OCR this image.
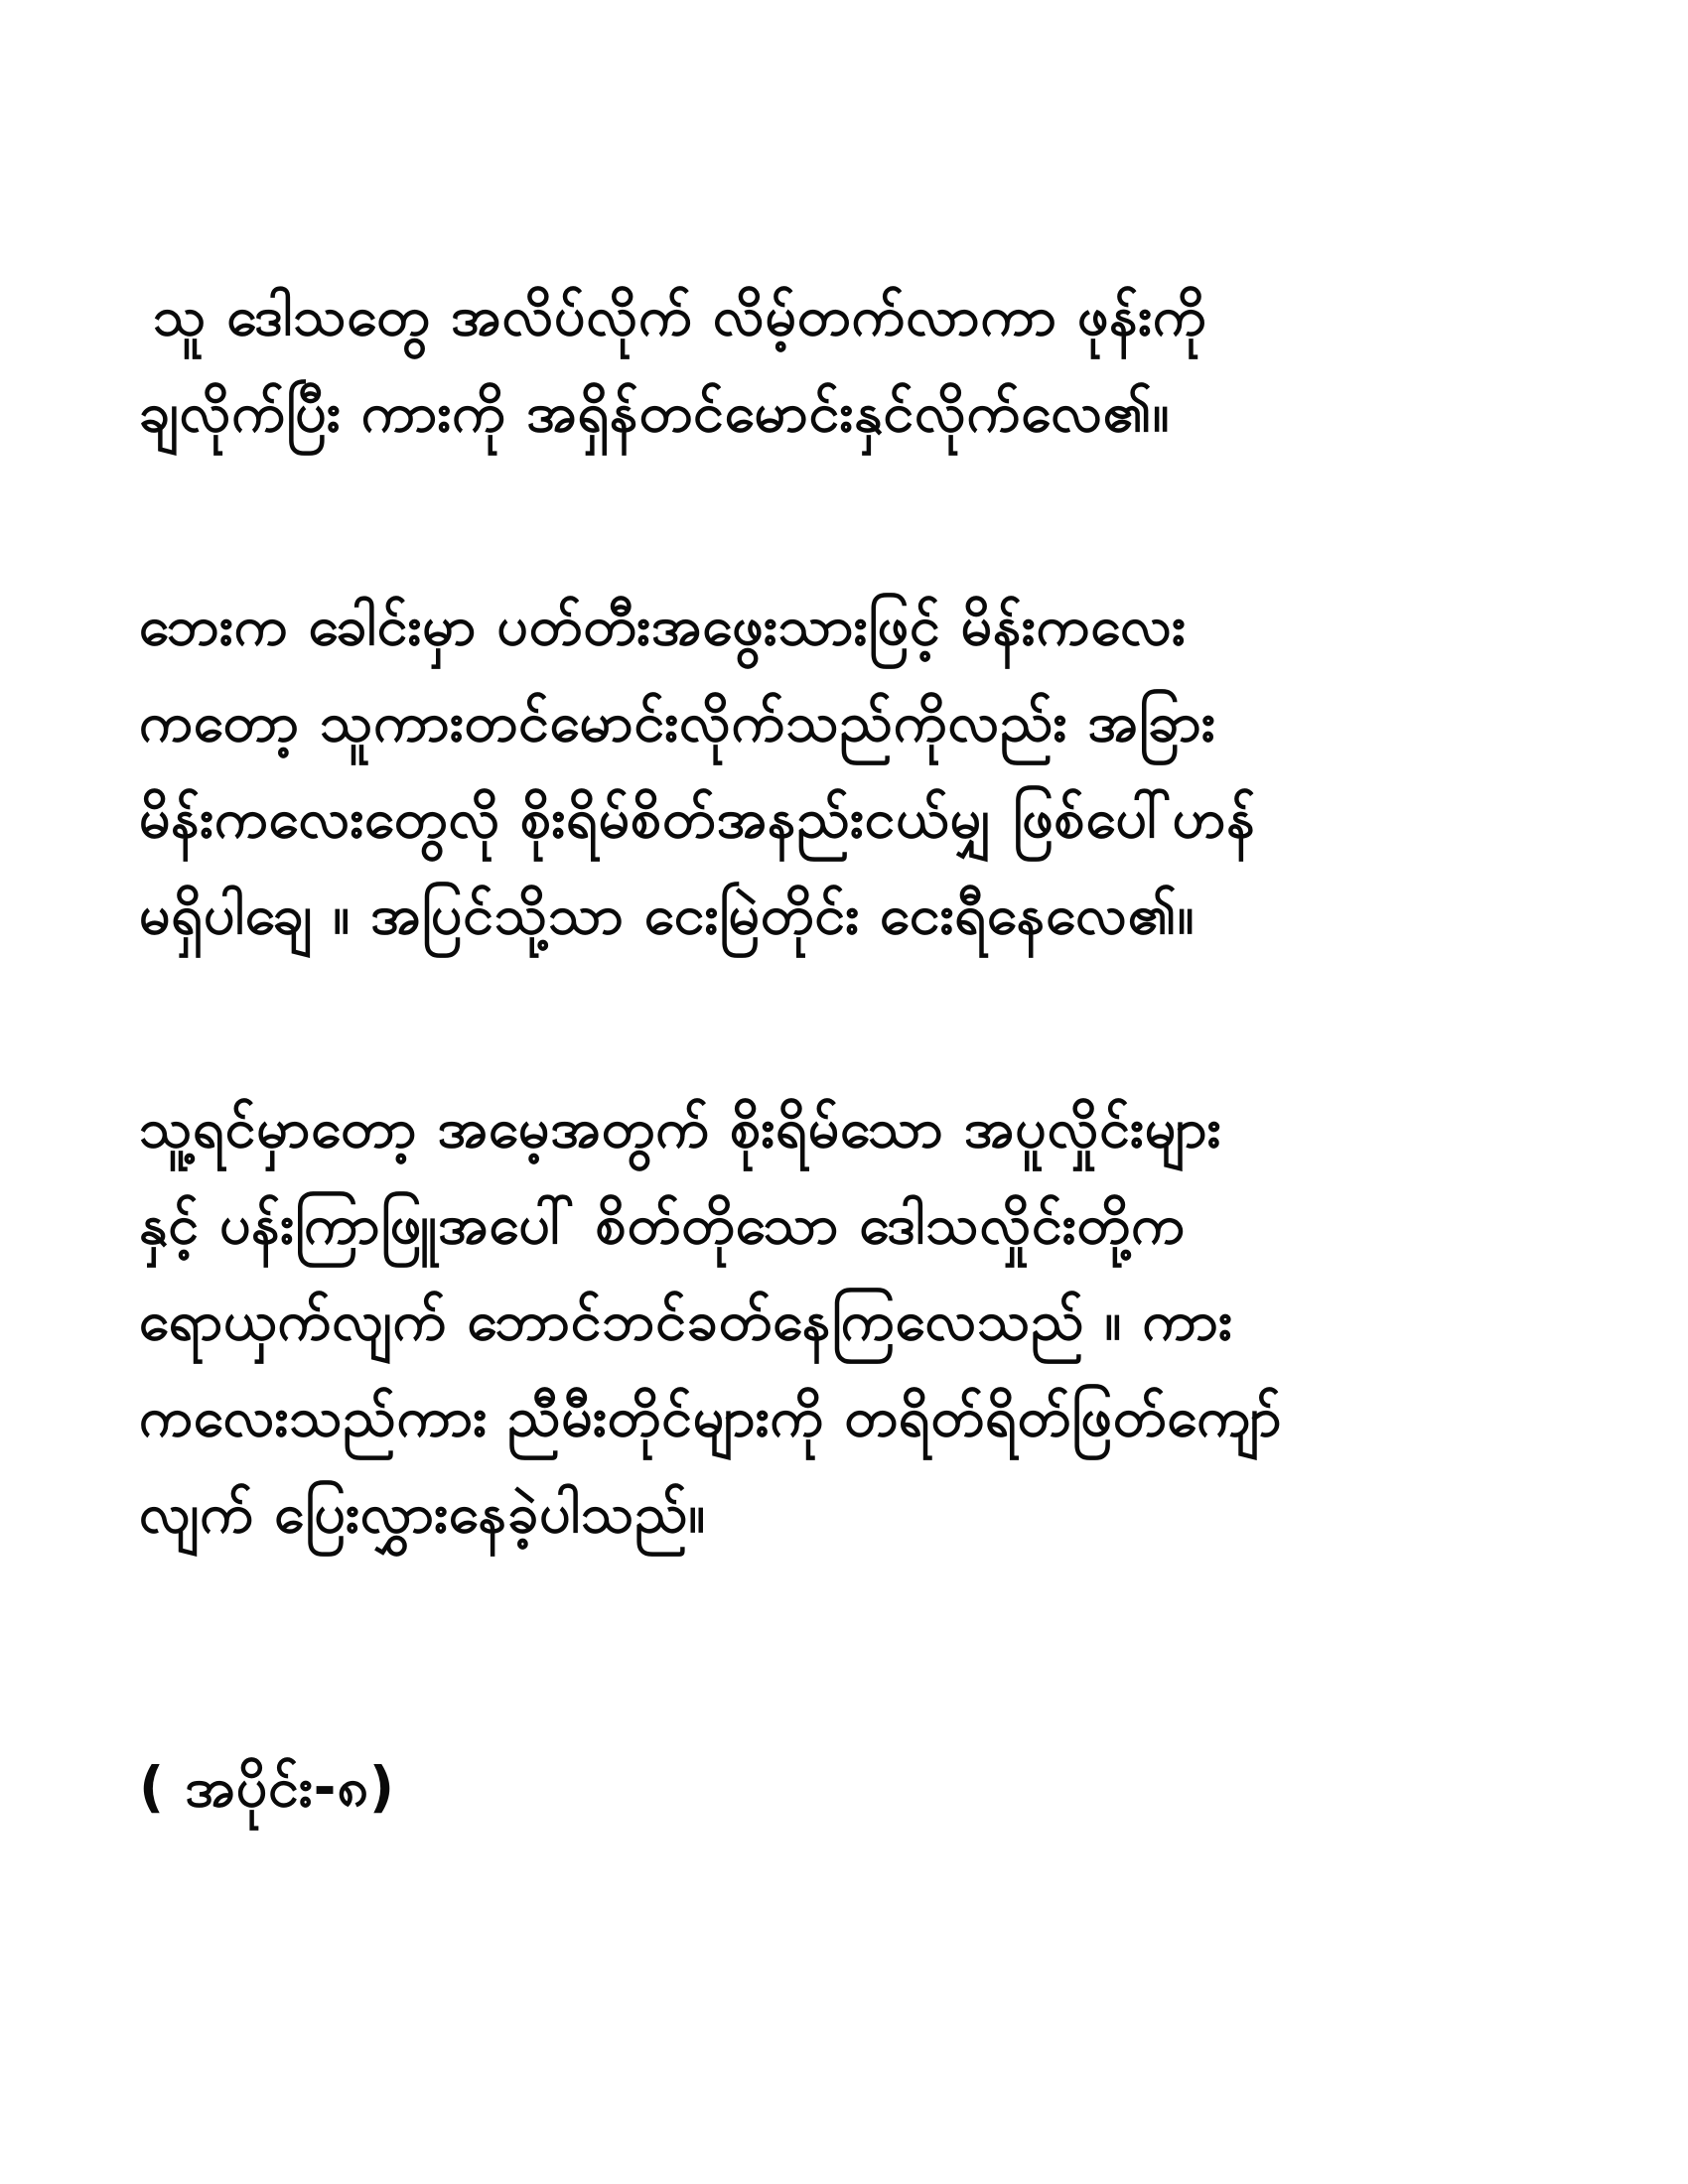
သူ ဒေါသတွေ အလိပ်လိုက် လိမ့်တက်လာကာ ဖုန်းကို
ချလိုက်ပြီး ကားကို အရှိန်တင်မောင်းနှင်လိုက်လေ၏။
ဘေးက ခေါင်းမှာ ပတ်တီးအဖွေးသားဖြင့် မိန်းကလေး
ကတော့ သူကားတင်မောင်းလိုက်သည်ကိုလည်း အခြား
မိန်းကလေးတွေလို စိုးရိမ်စိတ်အနည်းငယ်မျှ ဖြစ်ပေါ်ဟန်
မရှိပါချေ ။ အပြင်သို့သာ ငေးမြဲတိုင်း ငေးရီနေလေ၏။
သူ့ရင်မှာတော့ အမေ့အတွက် စိုးရိမ်သော အပူလှိုင်းများ
နှင့် ပန်းကြာဖြူအပေါ် စိတ်တိုသော ဒေါသလှိုင်းတို့က
ရောယှက်လျက် ဘောင်ဘင်ခတ်နေကြလေသည် ။ ကား
ကလေးသည်ကား ညီမီးတိုင်များကို တရိတ်ရိတ်ဖြတ်ကျော်
လျက် ပြေးလွှားနေခဲ့ပါသည်။
( အပိုင်း-၈)
